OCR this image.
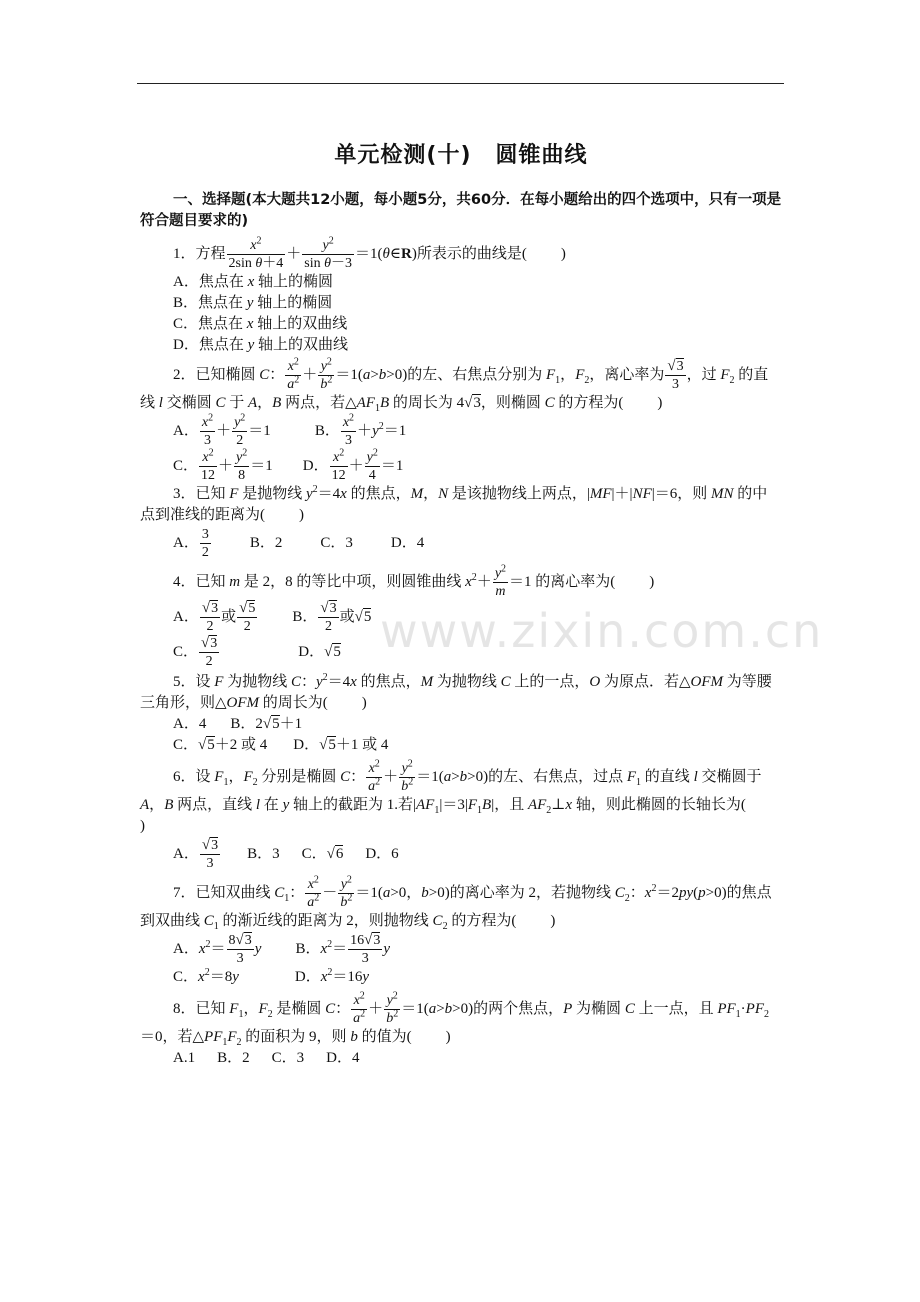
www.zixin.com.cn
单元检测(十) 圆锥曲线

一、选择题(本大题共12小题，每小题5分，共60分．在每小题给出的四个选项中，只有一项是符合题目要求的)

1．方程 $\frac{x^2}{\text{2sin θ＋4}} + \frac{y^2}{\text{sin θ－3}}$ ＝1(θ∈R)所表示的曲线是( )

A．焦点在 x 轴上的椭圆

B．焦点在 y 轴上的椭圆

C．焦点在 x 轴上的双曲线

D．焦点在 y 轴上的双曲线

2．已知椭圆 C： $\frac{x^2}{a^2} + \frac{y^2}{b^2} =1(a>b>0)$的左、右焦点分别为 $F_1$，$F_2$，离心率为 $\frac{√3}{3}$ ，过 $F_2$ 的直线 l 交椭圆 C 于 A，B 两点，若$\triangle AF_1B$ 的周长为 4√3，则椭圆 C 的方程为( )

A． $\frac{x^2}{3} + \frac{y^2}{2} =1$	B． $\frac{x^2}{3} +y^2=1$

C． $\frac{x^2}{12} + \frac{y^2}{8} =1$ D． $\frac{x^2}{12} + \frac{y^2}{4} =1$

3．已知 F 是抛物线 $y^2=4x$ 的焦点，M，N 是该抛物线上两点，|MF|＋|NF|＝6，则 MN 的中点到准线的距离为( )

A． $\frac{3}{2}$	B．2	C．3	D．4

4．已知 m 是 2，8 的等比中项，则圆锥曲线 $x^2+ \frac{y^2}{m} =1$ 的离心率为( )

A． $\frac{√3}{2}$ 或 $\frac{√5}{2}$ B． $\frac{√3}{2}$ 或√5

C． $\frac{√3}{2}$	D．√5

5．设 F 为抛物线 C：$y^2=4x$ 的焦点，M 为抛物线 C 上的一点，O 为原点．若△OFM 为等腰三角形，则△OFM 的周长为( )

A．4 B．2√5＋1

C．√5＋2 或 4 D．√5＋1 或 4

6．设 $F_1$，$F_2$ 分别是椭圆 C： $\frac{x^2}{a^2} + \frac{y^2}{b^2} =1(a>b>0)$的左、右焦点，过点 $F_1$ 的直线 l 交椭圆于 A，B 两点，直线 l 在 y 轴上的截距为 1.若$|AF_1|=3|F_1B|$，且 $AF_2\perp x$ 轴，则此椭圆的长轴长为()

A． $\frac{√3}{3}$ B．3 C．√6 D．6

7．已知双曲线 $C_1$： $\frac{x^2}{a^2} - \frac{y^2}{b^2} =1(a>0$，b>0)的离心率为 2，若抛物线 $C_2$：$x^2=2py(p>0)$的焦点到双曲线 $C_1$ 的渐近线的距离为 2，则抛物线 $C_2$ 的方程为( )

A．$x^2= \frac{8√3}{3}$ y B．$x^2= \frac{16√3}{3}$ y

C．$x^2=8y$	D．$x^2=16y$

8．已知 $F_1$，$F_2$ 是椭圆 C： $\frac{x^2}{a^2} + \frac{y^2}{b^2} =1(a>b>0)$的两个焦点，P 为椭圆 C 上一点，且 $PF_1\cdot PF_2=0$，若$\triangle PF_1F_2$ 的面积为 9，则 b 的值为( )

A.1 B．2 C．3 D．4
